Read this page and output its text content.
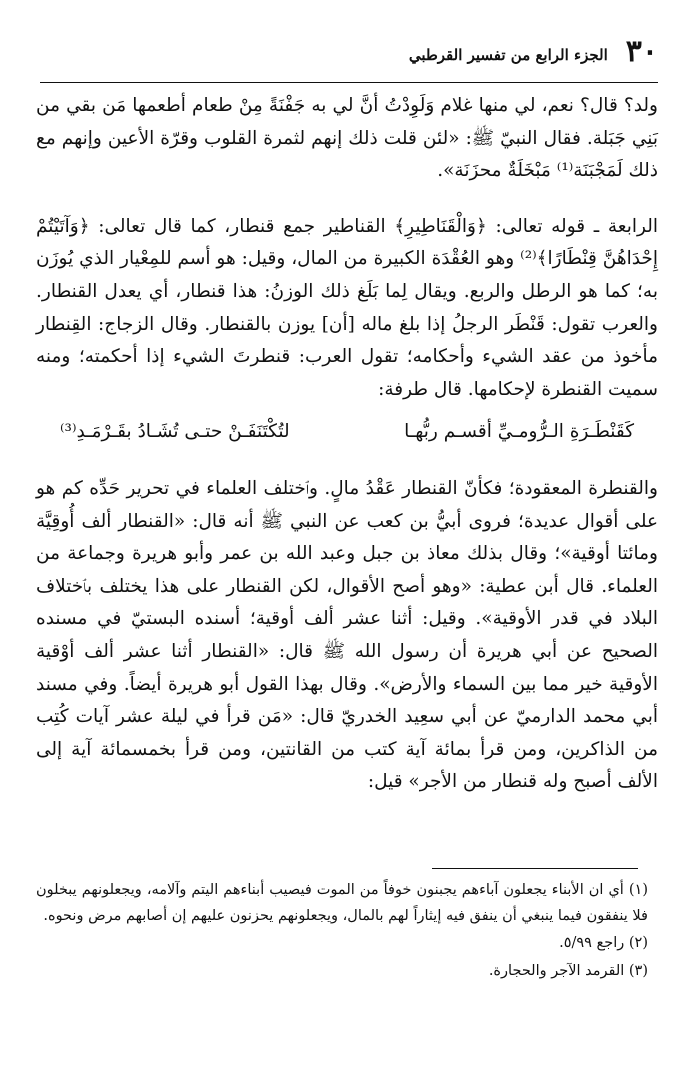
٣٠
الجزء الرابع من تفسير القرطبي

ولد؟ قال؟ نعم، لي منها غلام وَلَوِدْتُ أنَّ لي به جَفْنَةً مِنْ طعام أطعمها مَن بقي من بَنِي جَبَلة. فقال النبيّ ﷺ: «لئن قلت ذلك إنهم لثمرة القلوب وقرّة الأعين وإنهم مع ذلك لَمَجْبَنَة⁽¹⁾ مَبْخَلَةٌ محزَنَة».

الرابعة ـ قوله تعالى: ﴿وَالْقَنَاطِيرِ﴾ القناطير جمع قنطار، كما قال تعالى: ﴿وَآتَيْتُمْ إِحْدَاهُنَّ قِنْطَارًا﴾⁽²⁾ وهو العُقْدَة الكبيرة من المال، وقيل: هو أسم للمِعْيار الذي يُوزَن به؛ كما هو الرطل والربع. ويقال لِما بَلَغ ذلك الوزنُ: هذا قنطار، أي يعدل القنطار. والعرب تقول: قَنْطَر الرجلُ إذا بلغ ماله [أن] يوزن بالقنطار. وقال الزجاج: القِنطار مأخوذ من عقد الشيء وأحكامه؛ تقول العرب: قنطرتَ الشيء إذا أحكمته؛ ومنه سميت القنطرة لإحكامها. قال طرفة:

كَقَنْطَـرَةِ الـرُّومـيِّ أقسـم ربُّهـا
لتُكْتَنَفَـنْ حتـى تُشَـادُ بقَـرْمَـدِ⁽³⁾

والقنطرة المعقودة؛ فكأنّ القنطار عَقْدُ مالٍ. وٱختلف العلماء في تحرير حَدِّه كم هو على أقوال عديدة؛ فروى أبيُّ بن كعب عن النبي ﷺ أنه قال: «القنطار ألف أُوقِيَّة ومائتا أوقية»؛ وقال بذلك معاذ بن جبل وعبد الله بن عمر وأبو هريرة وجماعة من العلماء. قال أبن عطية: «وهو أصح الأقوال، لكن القنطار على هذا يختلف بٱختلاف البلاد في قدر الأوقية». وقيل: أثنا عشر ألف أوقية؛ أسنده البستيّ في مسنده الصحيح عن أبي هريرة أن رسول الله ﷺ قال: «القنطار أثنا عشر ألف أوْقية الأوقية خير مما بين السماء والأرض». وقال بهذا القول أبو هريرة أيضاً. وفي مسند أبي محمد الدارميّ عن أبي سعِيد الخدريّ قال: «مَن قرأ في ليلة عشر آيات كُتِب من الذاكرين، ومن قرأ بمائة آية كتب من القانتين، ومن قرأ بخمسمائة آية إلى الألف أصبح وله قنطار من الأجر» قيل:

(١) أي ان الأبناء يجعلون آباءهم يجبنون خوفاً من الموت فيصيب أبناءهم اليتم وآلامه، ويجعلونهم يبخلون فلا ينفقون فيما ينبغي أن ينفق فيه إيثاراً لهم بالمال، ويجعلونهم يحزنون عليهم إن أصابهم مرض ونحوه.

(٢) راجع ٥/٩٩.

(٣) القرمد الآجر والحجارة.
